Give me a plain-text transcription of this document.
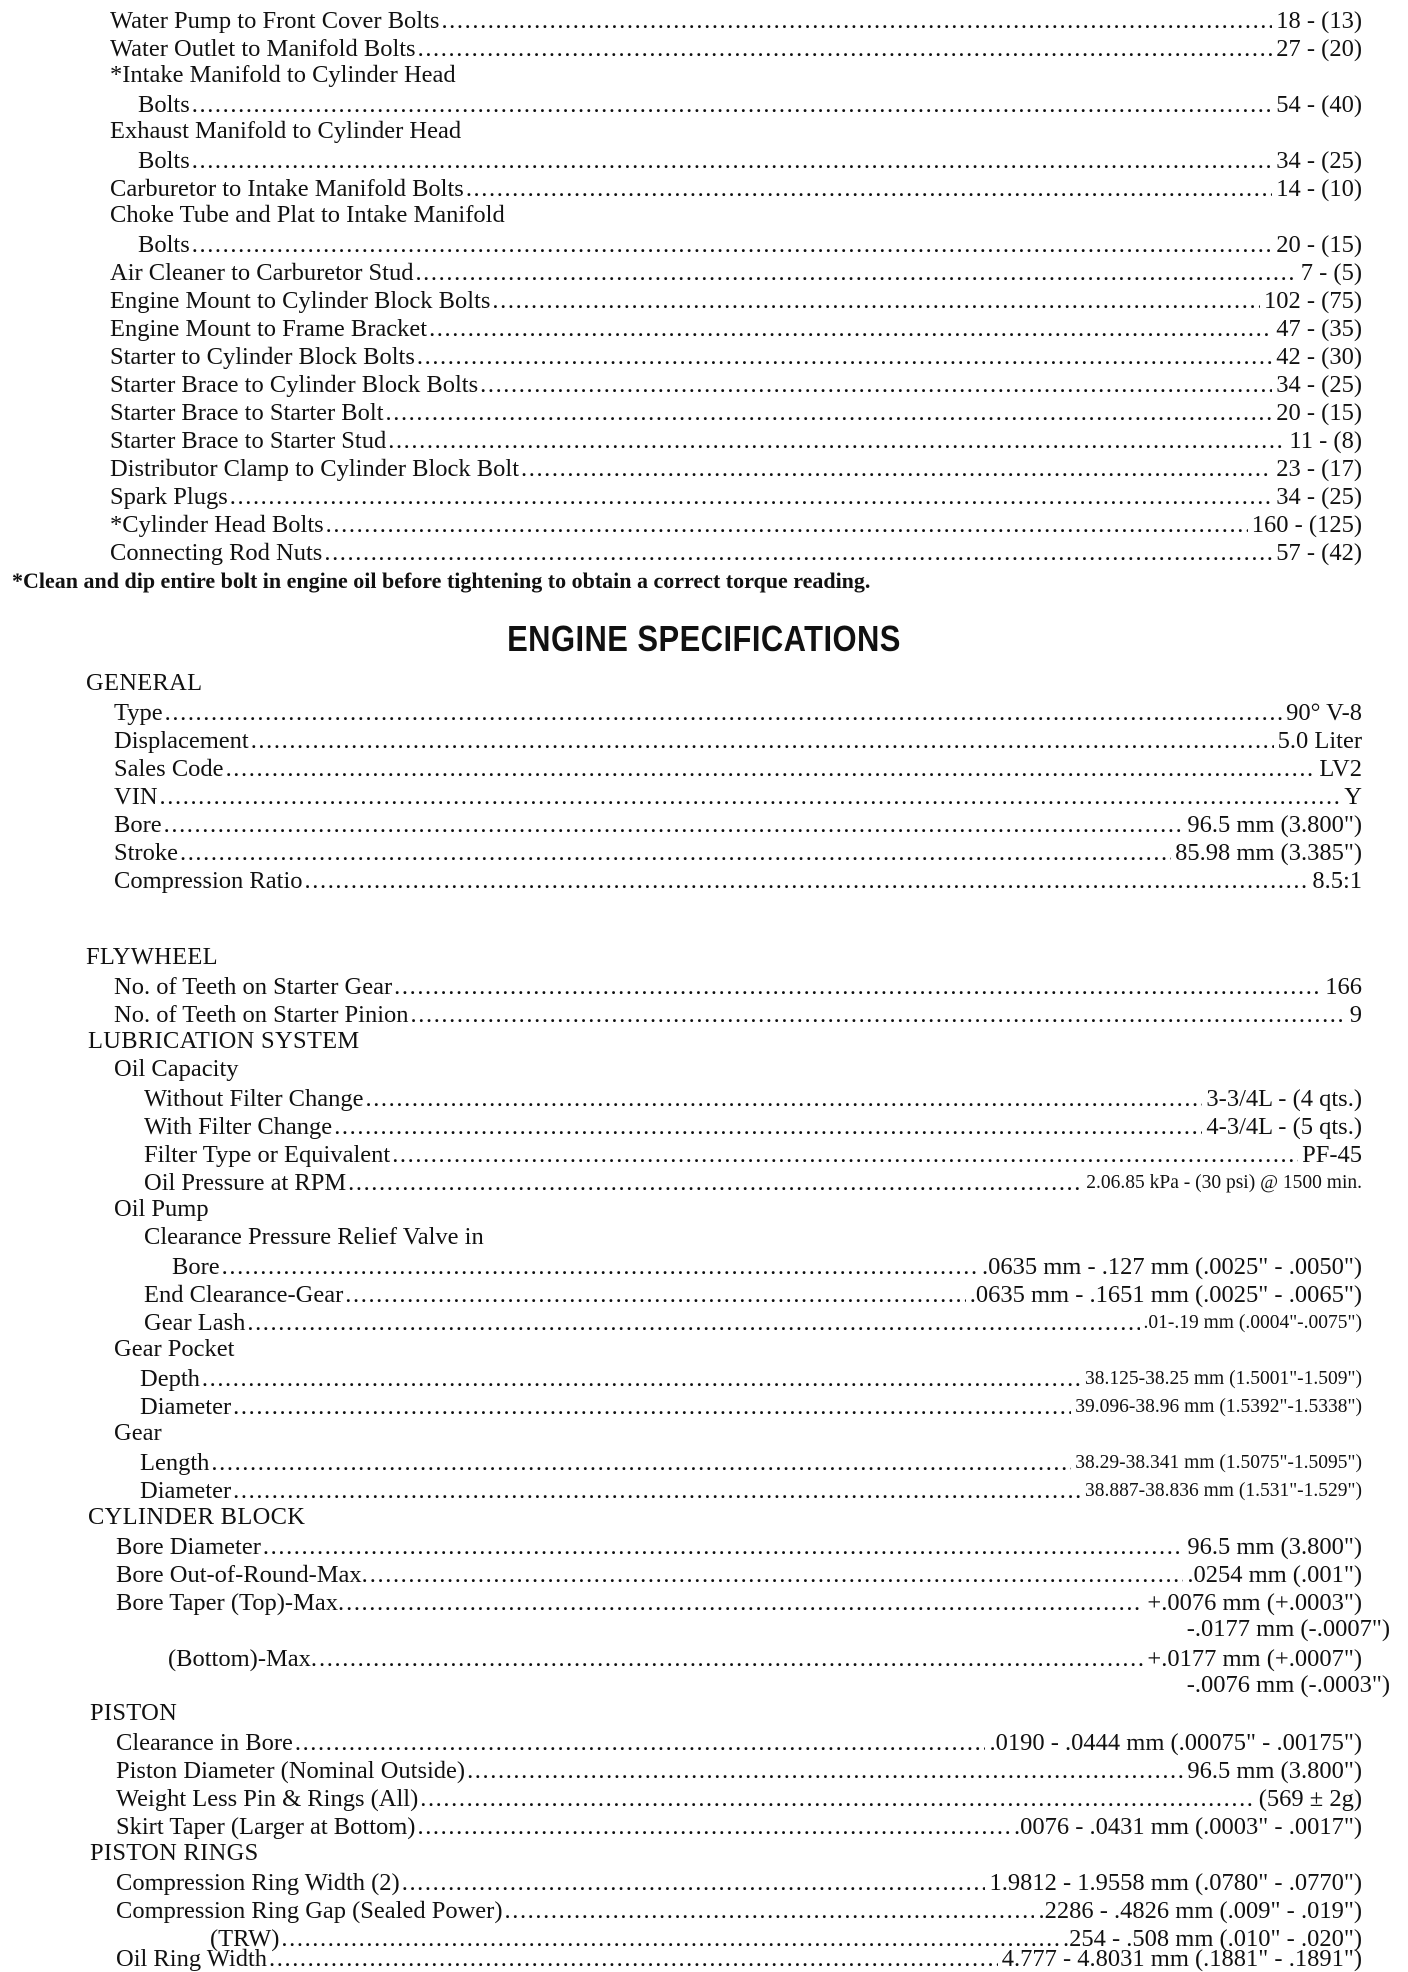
Water Pump to Front Cover Bolts .....	18 - (13)
Water Outlet to Manifold Bolts .....	27 - (20)
*Intake Manifold to Cylinder Head
Bolts .....	54 - (40)
Exhaust Manifold to Cylinder Head
Bolts .....	34 - (25)
Carburetor to Intake Manifold Bolts .....	14 - (10)
Choke Tube and Plat to Intake Manifold
Bolts .....	20 - (15)
Air Cleaner to Carburetor Stud .....	7 - (5)
Engine Mount to Cylinder Block Bolts .....	102 - (75)
Engine Mount to Frame Bracket .....	47 - (35)
Starter to Cylinder Block Bolts .....	42 - (30)
Starter Brace to Cylinder Block Bolts .....	34 - (25)
Starter Brace to Starter Bolt .....	20 - (15)
Starter Brace to Starter Stud .....	11 - (8)
Distributor Clamp to Cylinder Block Bolt .....	23 - (17)
Spark Plugs .....	34 - (25)
*Cylinder Head Bolts .....	160 - (125)
Connecting Rod Nuts .....	57 - (42)
*Clean and dip entire bolt in engine oil before tightening to obtain a correct torque reading.
ENGINE SPECIFICATIONS
GENERAL
Type .....	90° V-8
Displacement .....	5.0 Liter
Sales Code .....	LV2
VIN .....	Y
Bore .....	96.5 mm (3.800")
Stroke .....	85.98 mm (3.385")
Compression Ratio .....	8.5:1
FLYWHEEL
No. of Teeth on Starter Gear .....	166
No. of Teeth on Starter Pinion .....	9
LUBRICATION SYSTEM
Oil Capacity
Without Filter Change .....	3-3/4L - (4 qts.)
With Filter Change .....	4-3/4L - (5 qts.)
Filter Type or Equivalent .....	PF-45
Oil Pressure at RPM .....	2.06.85 kPa - (30 psi) @ 1500 min.
Oil Pump
Clearance Pressure Relief Valve in
Bore .....	.0635 mm - .127 mm (.0025" - .0050")
End Clearance-Gear .....	.0635 mm - .1651 mm (.0025" - .0065")
Gear Lash .....	.01-.19 mm (.0004"-.0075")
Gear Pocket
Depth .....	38.125-38.25 mm (1.5001"-1.509")
Diameter .....	39.096-38.96 mm (1.5392"-1.5338")
Gear
Length .....	38.29-38.341 mm (1.5075"-1.5095")
Diameter .....	38.887-38.836 mm (1.531"-1.529")
CYLINDER BLOCK
Bore Diameter .....	96.5 mm (3.800")
Bore Out-of-Round-Max. .....	.0254 mm (.001")
Bore Taper (Top)-Max. .....	+.0076 mm (+.0003")
-.0177 mm (-.0007")
(Bottom)-Max. .....	+.0177 mm (+.0007")
-.0076 mm (-.0003")
PISTON
Clearance in Bore .....	.0190 - .0444 mm (.00075" - .00175")
Piston Diameter (Nominal Outside) .....	96.5 mm (3.800")
Weight Less Pin & Rings (All) .....	(569 ± 2g)
Skirt Taper (Larger at Bottom) .....	.0076 - .0431 mm (.0003" - .0017")
PISTON RINGS
Compression Ring Width (2) .....	1.9812 - 1.9558 mm (.0780" - .0770")
Compression Ring Gap (Sealed Power) .....	.2286 - .4826 mm (.009" - .019")
(TRW) .....	.254 - .508 mm (.010" - .020")
Oil Ring Width .....	4.777 - 4.8031 mm (.1881" - .1891")
